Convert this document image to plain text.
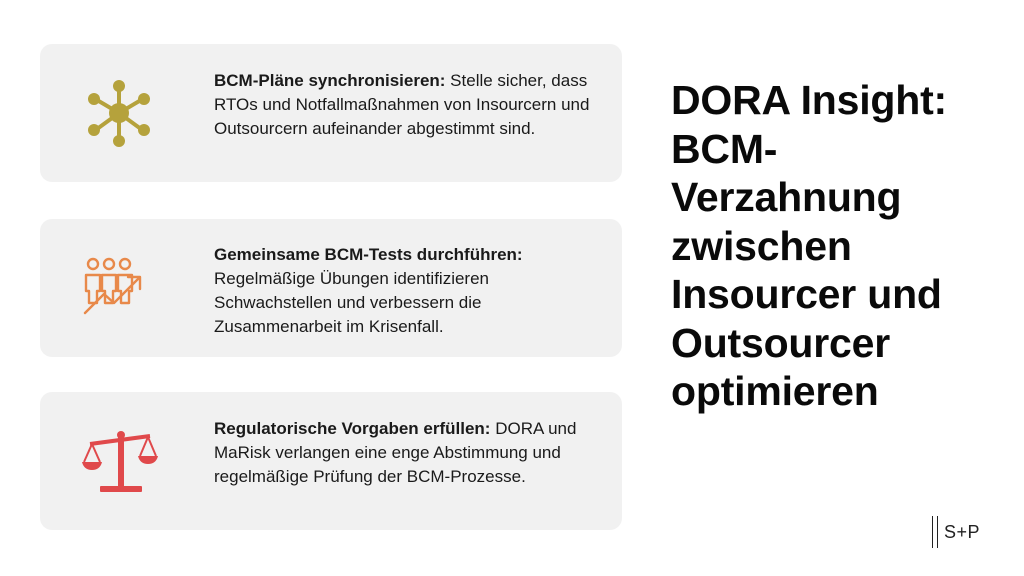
BCM-Pläne synchronisieren: Stelle sicher, dass RTOs und Notfallmaßnahmen von Insourcern und Outsourcern aufeinander abgestimmt sind.
Gemeinsame BCM-Tests durchführen:
Regelmäßige Übungen identifizieren Schwachstellen und verbessern die Zusammenarbeit im Krisenfall.
Regulatorische Vorgaben erfüllen: DORA und MaRisk verlangen eine enge Abstimmung und regelmäßige Prüfung der BCM-Prozesse.
DORA Insight: BCM-Verzahnung zwischen Insourcer und Outsourcer optimieren
S+P
